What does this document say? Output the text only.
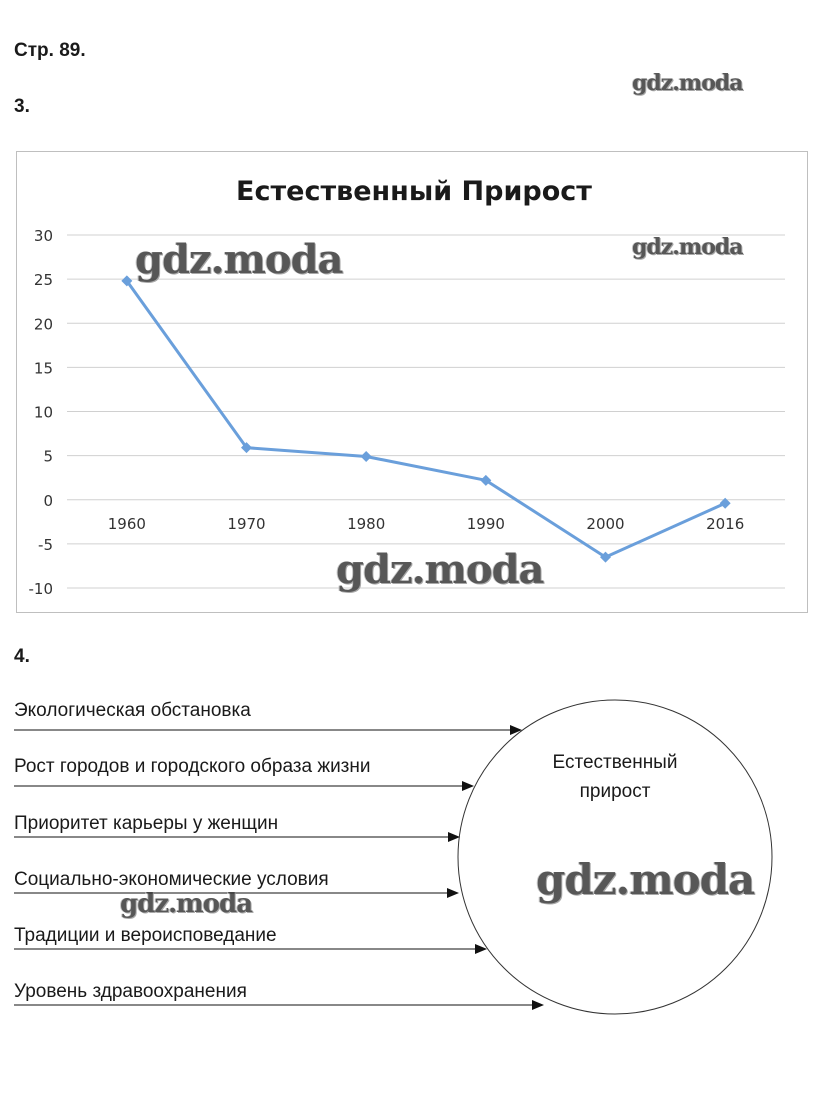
Стр. 89.
3.
gdz.moda
Естественный Прирост
30
25
20
15
10
5
0
-5
-10
1960	1970	1980	1990	2000	2016
gdz.moda	gdz.moda
gdz.moda
4.
Естественный
прирост
Экологическая обстановка
Рост городов и городского образа жизни
Приоритет карьеры у женщин
Социально-экономические условия
Традиции и вероисповедание
Уровень здравоохранения
gdz.moda	gdz.moda
